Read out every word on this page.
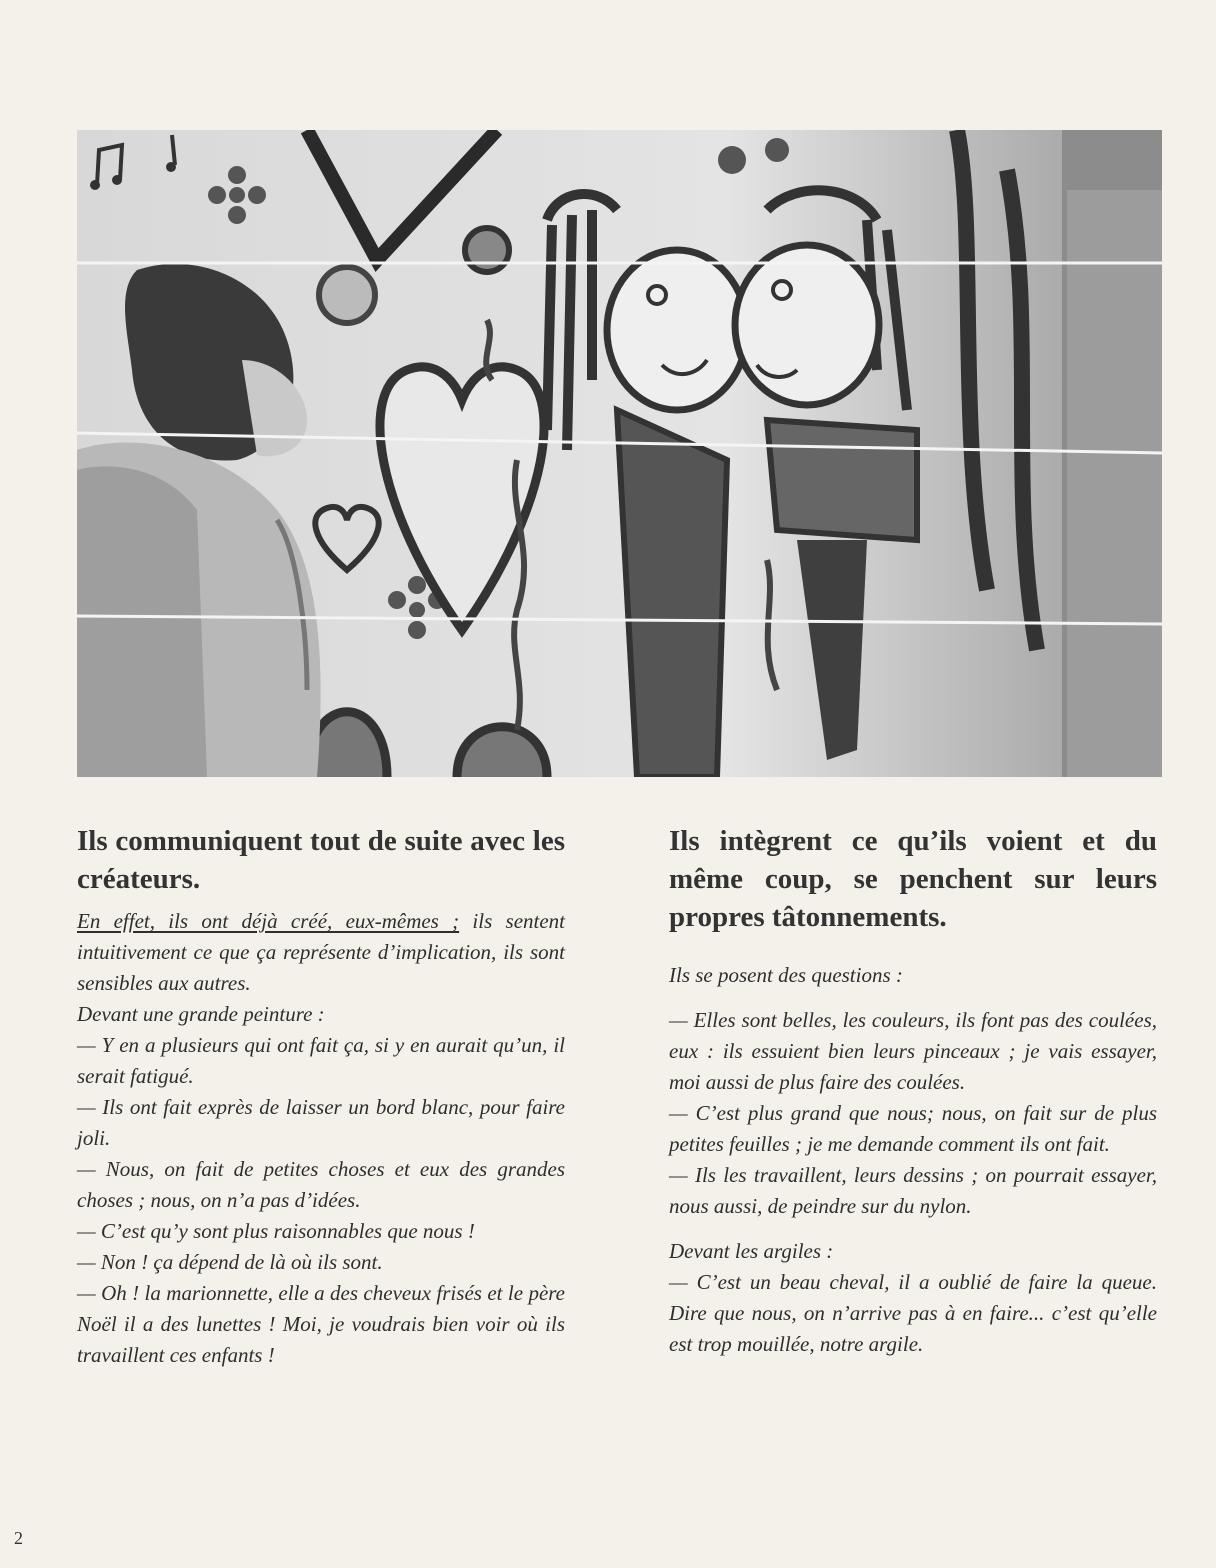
Ils communiquent tout de suite avec les créateurs.

En effet, ils ont déjà créé, eux-mêmes ; ils sentent intuitivement ce que ça représente d’implication, ils sont sensibles aux autres.

Devant une grande peinture :

— Y en a plusieurs qui ont fait ça, si y en aurait qu’un, il serait fatigué.

— Ils ont fait exprès de laisser un bord blanc, pour faire joli.

— Nous, on fait de petites choses et eux des grandes choses ; nous, on n’a pas d’idées.

— C’est qu’y sont plus raisonnables que nous !

— Non ! ça dépend de là où ils sont.

— Oh ! la marionnette, elle a des cheveux frisés et le père Noël il a des lunettes ! Moi, je voudrais bien voir où ils travaillent ces enfants !

Ils intègrent ce qu’ils voient et du même coup, se penchent sur leurs propres tâtonnements.

Ils se posent des questions :

— Elles sont belles, les couleurs, ils font pas des coulées, eux : ils essuient bien leurs pinceaux ; je vais essayer, moi aussi de plus faire des coulées.

— C’est plus grand que nous; nous, on fait sur de plus petites feuilles ; je me demande comment ils ont fait.

— Ils les travaillent, leurs dessins ; on pourrait essayer, nous aussi, de peindre sur du nylon.

Devant les argiles :

— C’est un beau cheval, il a oublié de faire la queue. Dire que nous, on n’arrive pas à en faire... c’est qu’elle est trop mouillée, notre argile.

2
